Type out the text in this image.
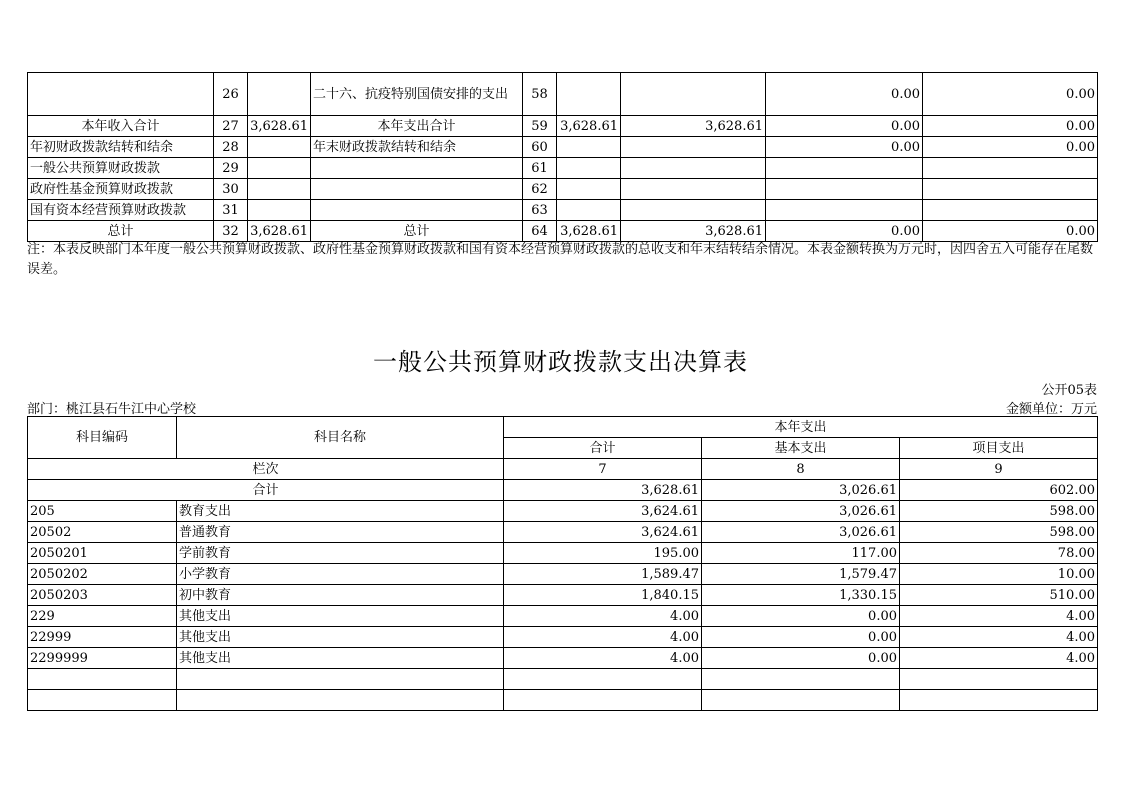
	26		二十六、抗疫特别国债安排的支出	58			0.00	0.00
本年收入合计	27	3,628.61	本年支出合计	59	3,628.61	3,628.61	0.00	0.00
年初财政拨款结转和结余	28		年末财政拨款结转和结余	60			0.00	0.00
一般公共预算财政拨款	29			61				
政府性基金预算财政拨款	30			62				
国有资本经营预算财政拨款	31			63				
总计	32	3,628.61	总计	64	3,628.61	3,628.61	0.00	0.00
注：本表反映部门本年度一般公共预算财政拨款、政府性基金预算财政拨款和国有资本经营预算财政拨款的总收支和年末结转结余情况。本表金额转换为万元时，因四舍五入可能存在尾数误差。
一般公共预算财政拨款支出决算表
公开05表
部门：桃江县石牛江中心学校	金额单位：万元
科目编码	科目名称	本年支出		
		合计	基本支出	项目支出
栏次		7	8	9
合计		3,628.61	3,026.61	602.00
205	教育支出	3,624.61	3,026.61	598.00
20502	普通教育	3,624.61	3,026.61	598.00
2050201	学前教育	195.00	117.00	78.00
2050202	小学教育	1,589.47	1,579.47	10.00
2050203	初中教育	1,840.15	1,330.15	510.00
229	其他支出	4.00	0.00	4.00
22999	其他支出	4.00	0.00	4.00
2299999	其他支出	4.00	0.00	4.00
